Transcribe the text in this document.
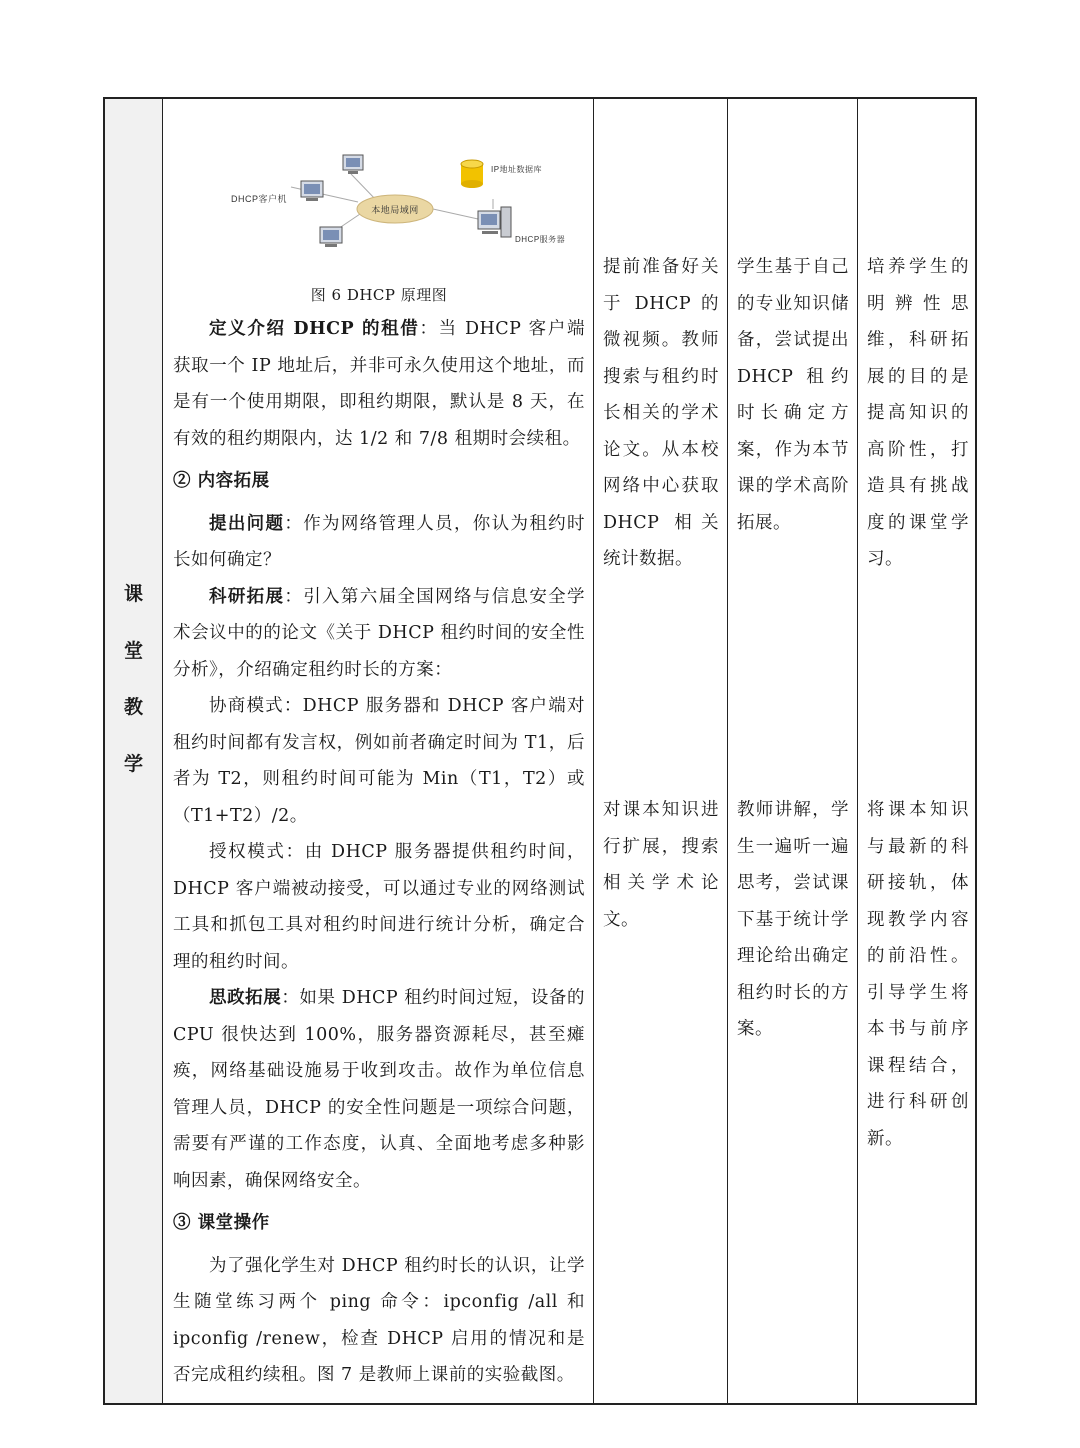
课
堂
教
学
本地局域网
DHCP客户机
IP地址数据库
DHCP服务器

图 6 DHCP 原理图

定义介绍 DHCP 的租借：当 DHCP 客户端获取一个 IP 地址后，并非可永久使用这个地址，而是有一个使用期限，即租约期限，默认是 8 天，在有效的租约期限内，达 1/2 和 7/8 租期时会续租。

② 内容拓展

提出问题：作为网络管理人员，你认为租约时长如何确定？

科研拓展：引入第六届全国网络与信息安全学术会议中的的论文《关于 DHCP 租约时间的安全性分析》，介绍确定租约时长的方案：

协商模式：DHCP 服务器和 DHCP 客户端对租约时间都有发言权，例如前者确定时间为 T1，后者为 T2，则租约时间可能为 Min（T1，T2）或（T1+T2）/2。

授权模式：由 DHCP 服务器提供租约时间，DHCP 客户端被动接受，可以通过专业的网络测试工具和抓包工具对租约时间进行统计分析，确定合理的租约时间。

思政拓展：如果 DHCP 租约时间过短，设备的 CPU 很快达到 100%，服务器资源耗尽，甚至瘫痪，网络基础设施易于收到攻击。故作为单位信息管理人员，DHCP 的安全性问题是一项综合问题，需要有严谨的工作态度，认真、全面地考虑多种影响因素，确保网络安全。

③ 课堂操作

为了强化学生对 DHCP 租约时长的认识，让学生随堂练习两个 ping 命令：ipconfig /all 和 ipconfig /renew，检查 DHCP 启用的情况和是否完成租约续租。图 7 是教师上课前的实验截图。

提前准备好关于 DHCP 的微视频。教师搜索与租约时长相关的学术论文。从本校网络中心获取 DHCP 相关统计数据。
对课本知识进行扩展，搜索相关学术论文。
学生基于自己的专业知识储备，尝试提出 DHCP 租约时长确定方案，作为本节课的学术高阶拓展。
教师讲解，学生一遍听一遍思考，尝试课下基于统计学理论给出确定租约时长的方案。
培养学生的明辨性思维，科研拓展的目的是提高知识的高阶性，打造具有挑战度的课堂学习。
将课本知识与最新的科研接轨，体现教学内容的前沿性。引导学生将本书与前序课程结合，进行科研创新。
